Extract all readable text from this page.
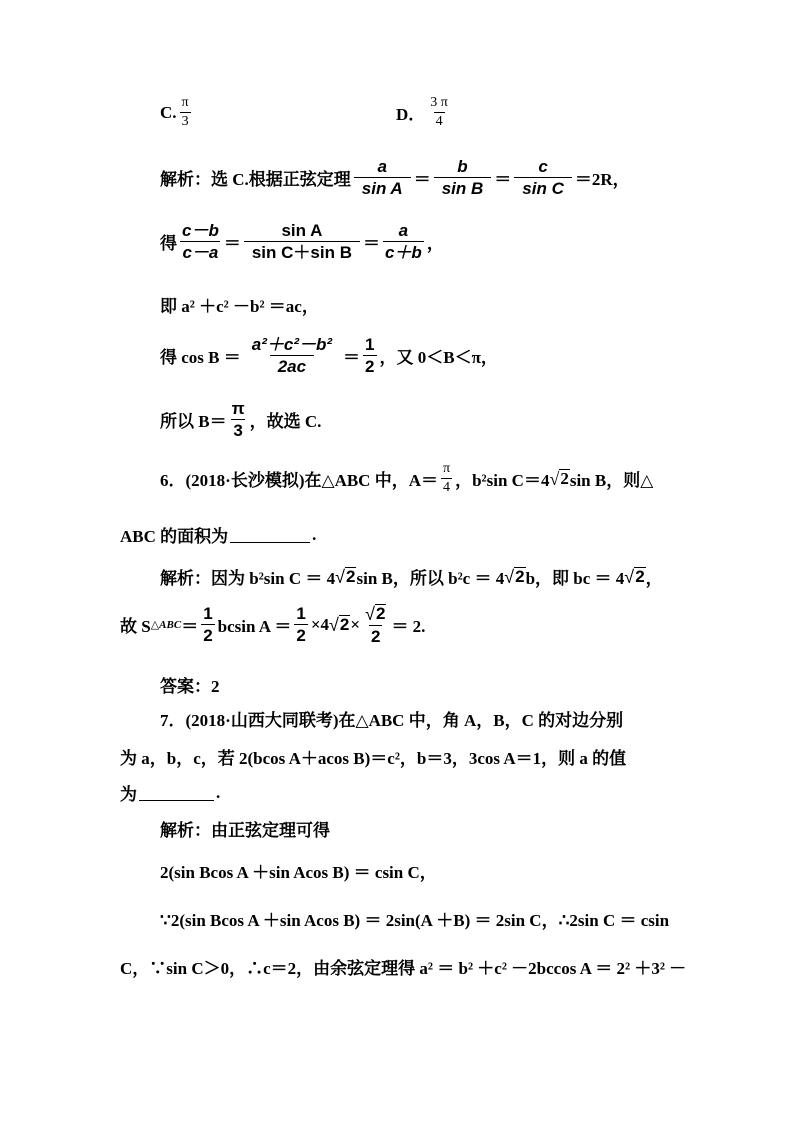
C. $\frac{\pi}{3}$	D． $\frac{3 \pi}{4}$
解析：选 C.根据正弦定理 $\frac{a}{\text{sin A}} = \frac{b}{\text{sin B}} = \frac{c}{\text{sin C}} =2R$，
得 $\frac{c-b}{c-a} = \frac{\text{sin A}}{\text{sin C＋sin B}} = \frac{a}{c+b}$ ，
即 a² ＋c² －b² ＝ac，
得 $\cos B = \frac{\text{a²＋c²－b²}}{2ac} = \frac{1}{2}$ ，又 0＜B＜π，
所以 $B= \frac{\pi}{3}$ ，故选 C.
6．(2018·长沙模拟)在△ABC 中，$A= \frac{\pi}{4}$ ，b²sin C＝4 √ 2 sin B，则△
ABC 的面积为	.
解析：因为 b²sin C ＝ 4 √ 2 sin B，所以 b²c ＝ 4 √ 2 b，即 bc ＝ 4 √ 2 ，
故 S △ABC ＝ $\frac{1}{2}$ bcsin $A = \frac{1}{2} \times 4$ √ $2 \times \frac{√ 2}{2} = 2$.
答案：2
7．(2018·山西大同联考)在△ABC 中，角 A，B，C 的对边分别
为 a，b，c，若 2(bcos A＋acos B)＝c²，b＝3，3cos A＝1，则 a 的值
为	.
解析：由正弦定理可得
2(sin Bcos A ＋sin Acos B) ＝ csin C，
∵2(sin Bcos A ＋sin Acos B) ＝ 2sin(A ＋B) ＝ 2sin C，∴2sin C ＝ csin
C，∵sin C＞0，∴c＝2，由余弦定理得 a² ＝ b² ＋c² －2bccos A ＝ 2² ＋3² －
